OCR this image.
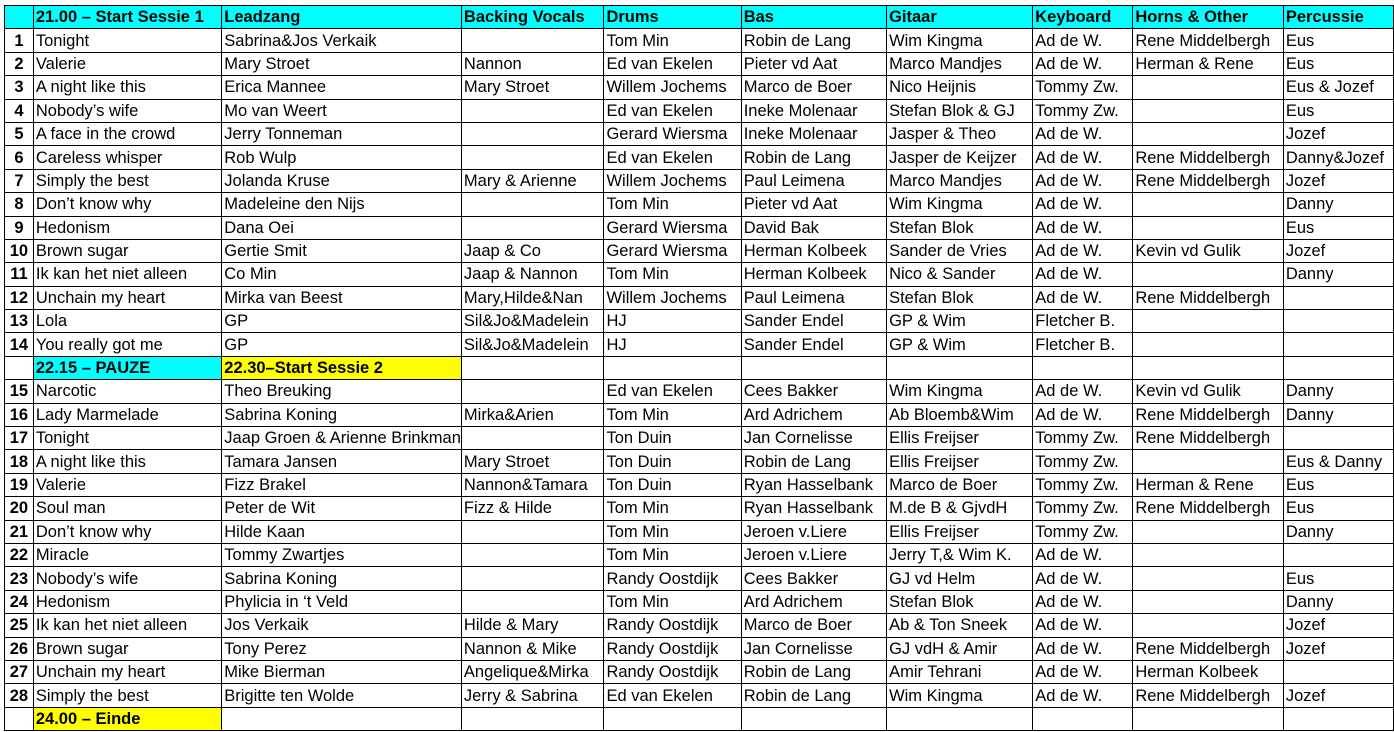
	21.00 – Start Sessie 1	Leadzang	Backing Vocals	Drums	Bas	Gitaar	Keyboard	Horns & Other	Percussie
1	Tonight	Sabrina&Jos Verkaik		Tom Min	Robin de Lang	Wim Kingma	Ad de W.	Rene Middelbergh	Eus
2	Valerie	Mary Stroet	Nannon	Ed van Ekelen	Pieter vd Aat	Marco Mandjes	Ad de W.	Herman & Rene	Eus
3	A night like this	Erica Mannee	Mary Stroet	Willem Jochems	Marco de Boer	Nico Heijnis	Tommy Zw.		Eus & Jozef
4	Nobody’s wife	Mo van Weert		Ed van Ekelen	Ineke Molenaar	Stefan Blok & GJ	Tommy Zw.		Eus
5	A face in the crowd	Jerry Tonneman		Gerard Wiersma	Ineke Molenaar	Jasper & Theo	Ad de W.		Jozef
6	Careless whisper	Rob Wulp		Ed van Ekelen	Robin de Lang	Jasper de Keijzer	Ad de W.	Rene Middelbergh	Danny&Jozef
7	Simply the best	Jolanda Kruse	Mary & Arienne	Willem Jochems	Paul Leimena	Marco Mandjes	Ad de W.	Rene Middelbergh	Jozef
8	Don’t know why	Madeleine den Nijs		Tom Min	Pieter vd Aat	Wim Kingma	Ad de W.		Danny
9	Hedonism	Dana Oei		Gerard Wiersma	David Bak	Stefan Blok	Ad de W.		Eus
10	Brown sugar	Gertie Smit	Jaap & Co	Gerard Wiersma	Herman Kolbeek	Sander de Vries	Ad de W.	Kevin vd Gulik	Jozef
11	Ik kan het niet alleen	Co Min	Jaap & Nannon	Tom Min	Herman Kolbeek	Nico & Sander	Ad de W.		Danny
12	Unchain my heart	Mirka van Beest	Mary,Hilde&Nan	Willem Jochems	Paul Leimena	Stefan Blok	Ad de W.	Rene Middelbergh	
13	Lola	GP	Sil&Jo&Madelein	HJ	Sander Endel	GP & Wim	Fletcher B.		
14	You really got me	GP	Sil&Jo&Madelein	HJ	Sander Endel	GP & Wim	Fletcher B.		
	22.15 – PAUZE	22.30–Start Sessie 2							
15	Narcotic	Theo Breuking		Ed van Ekelen	Cees Bakker	Wim Kingma	Ad de W.	Kevin vd Gulik	Danny
16	Lady Marmelade	Sabrina Koning	Mirka&Arien	Tom Min	Ard Adrichem	Ab Bloemb&Wim	Ad de W.	Rene Middelbergh	Danny
17	Tonight	Jaap Groen & Arienne Brinkman		Ton Duin	Jan Cornelisse	Ellis Freijser	Tommy Zw.	Rene Middelbergh	
18	A night like this	Tamara Jansen	Mary Stroet	Ton Duin	Robin de Lang	Ellis Freijser	Tommy Zw.		Eus & Danny
19	Valerie	Fizz Brakel	Nannon&Tamara	Ton Duin	Ryan Hasselbank	Marco de Boer	Tommy Zw.	Herman & Rene	Eus
20	Soul man	Peter de Wit	Fizz & Hilde	Tom Min	Ryan Hasselbank	M.de B & GjvdH	Tommy Zw.	Rene Middelbergh	Eus
21	Don’t know why	Hilde Kaan		Tom Min	Jeroen v.Liere	Ellis Freijser	Tommy Zw.		Danny
22	Miracle	Tommy Zwartjes		Tom Min	Jeroen v.Liere	Jerry T,& Wim K.	Ad de W.		
23	Nobody’s wife	Sabrina Koning		Randy Oostdijk	Cees Bakker	GJ vd Helm	Ad de W.		Eus
24	Hedonism	Phylicia in ‘t Veld		Tom Min	Ard Adrichem	Stefan Blok	Ad de W.		Danny
25	Ik kan het niet alleen	Jos Verkaik	Hilde & Mary	Randy Oostdijk	Marco de Boer	Ab & Ton Sneek	Ad de W.		Jozef
26	Brown sugar	Tony Perez	Nannon & Mike	Randy Oostdijk	Jan Cornelisse	GJ vdH & Amir	Ad de W.	Rene Middelbergh	Jozef
27	Unchain my heart	Mike Bierman	Angelique&Mirka	Randy Oostdijk	Robin de Lang	Amir Tehrani	Ad de W.	Herman Kolbeek	
28	Simply the best	Brigitte ten Wolde	Jerry & Sabrina	Ed van Ekelen	Robin de Lang	Wim Kingma	Ad de W.	Rene Middelbergh	Jozef
	24.00 – Einde								
